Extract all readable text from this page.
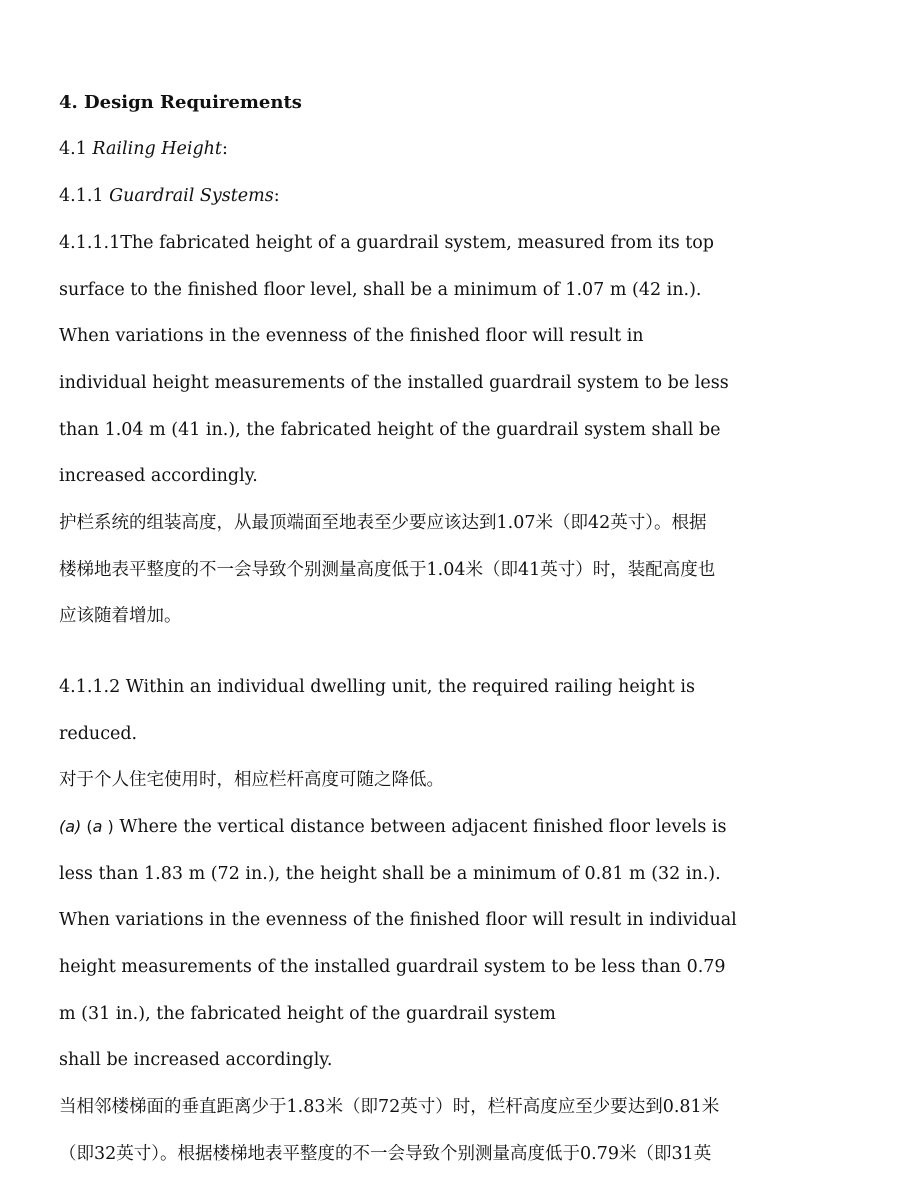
4. Design Requirements
4.1 Railing Height:
4.1.1 Guardrail Systems:
4.1.1.1The fabricated height of a guardrail system, measured from its top
surface to the finished floor level, shall be a minimum of 1.07 m (42 in.).
When variations in the evenness of the finished floor will result in
individual height measurements of the installed guardrail system to be less
than 1.04 m (41 in.), the fabricated height of the guardrail system shall be
increased accordingly.
护栏系统的组装高度，从最顶端面至地表至少要应该达到1.07米（即42英寸）。根据
楼梯地表平整度的不一会导致个别测量高度低于1.04米（即41英寸）时，装配高度也
应该随着增加。
4.1.1.2 Within an individual dwelling unit, the required railing height is
reduced.
对于个人住宅使用时，相应栏杆高度可随之降低。
(a) (a ) Where the vertical distance between adjacent finished floor levels is
less than 1.83 m (72 in.), the height shall be a minimum of 0.81 m (32 in.).
When variations in the evenness of the finished floor will result in individual
height measurements of the installed guardrail system to be less than 0.79
m (31 in.), the fabricated height of the guardrail system
shall be increased accordingly.
当相邻楼梯面的垂直距离少于1.83米（即72英寸）时，栏杆高度应至少要达到0.81米
（即32英寸）。根据楼梯地表平整度的不一会导致个别测量高度低于0.79米（即31英
